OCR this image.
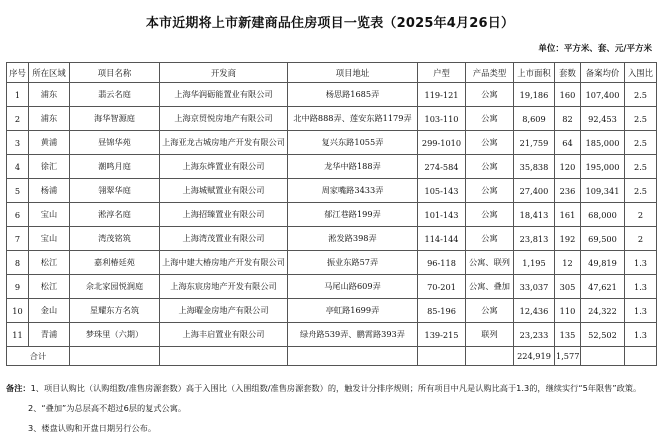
本市近期将上市新建商品住房项目一览表（2025年4月26日）
单位：平方米、套、元/平方米
序号	所在区域	项目名称	开发商	项目地址	户型	产品类型	上市面积	套数	备案均价	入围比
1	浦东	翡云名庭	上海华润砺能置业有限公司	杨思路1685弄	119-121	公寓	19,186	160	107,400	2.5
2	浦东	海华智源庭	上海京贸悦房地产有限公司	北中路888弄、莲安东路1179弄	103-110	公寓	8,609	82	92,453	2.5
3	黄浦	昼锦华苑	上海亚龙古城房地产开发有限公司	复兴东路1055弄	299-1010	公寓	21,759	64	185,000	2.5
4	徐汇	潮鸣月庭	上海东烨置业有限公司	龙华中路188弄	274-584	公寓	35,838	120	195,000	2.5
5	杨浦	翎翠华庭	上海城赋置业有限公司	周家嘴路3433弄	105-143	公寓	27,400	236	109,341	2.5
6	宝山	淞淳名庭	上海招臻置业有限公司	郁江巷路199弄	101-143	公寓	18,413	161	68,000	2
7	宝山	湾茂铭筑	上海湾茂置业有限公司	淞发路398弄	114-144	公寓	23,813	192	69,500	2
8	松江	嘉利椿廷苑	上海中建大椿房地产开发有限公司	振业东路57弄	96-118	公寓、联列	1,195	12	49,819	1.3
9	松江	佘北家园悦涧庭	上海东宸房地产开发有限公司	马尾山路609弄	70-201	公寓、叠加	33,037	305	47,621	1.3
10	金山	星耀东方名筑	上海曜金房地产有限公司	亭虹路1699弄	85-196	公寓	12,436	110	24,322	1.3
11	青浦	梦珠里（六期）	上海丰启置业有限公司	绿舟路539弄、鹏霄路393弄	139-215	联列	23,233	135	52,502	1.3
合计							224,919	1,577		
备注：1、项目认购比（认购组数/准售房源套数）高于入围比（入围组数/准售房源套数）的，触发计分排序规则；所有项目中凡是认购比高于1.3的，继续实行“5年限售”政策。
2、“叠加”为总层高不超过6层的复式公寓。
3、楼盘认购和开盘日期另行公布。
